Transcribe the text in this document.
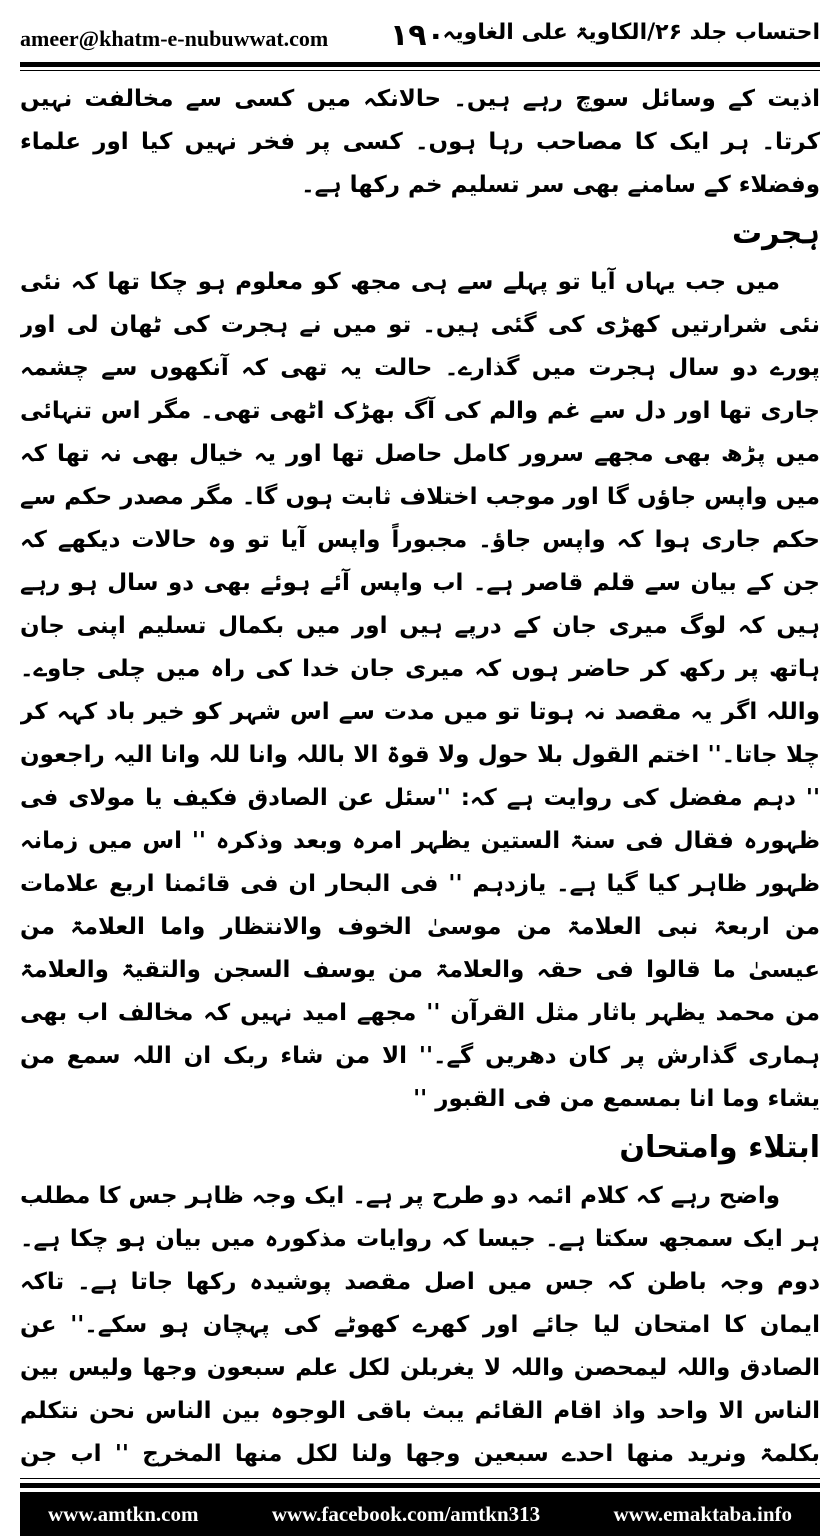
ameer@khatm-e-nubuwwat.com ۱۹۰
احتساب جلد ۲۶/الکاویۃ علی الغاویہ

اذیت کے وسائل سوچ رہے ہیں۔ حالانکہ میں کسی سے مخالفت نہیں کرتا۔ ہر ایک کا مصاحب رہا ہوں۔ کسی پر فخر نہیں کیا اور علماء وفضلاء کے سامنے بھی سر تسلیم خم رکھا ہے۔

ہجرت

میں جب یہاں آیا تو پہلے سے ہی مجھ کو معلوم ہو چکا تھا کہ نئی نئی شرارتیں کھڑی کی گئی ہیں۔ تو میں نے ہجرت کی ٹھان لی اور پورے دو سال ہجرت میں گذارے۔ حالت یہ تھی کہ آنکھوں سے چشمہ جاری تھا اور دل سے غم والم کی آگ بھڑک اٹھی تھی۔ مگر اس تنہائی میں پڑھ بھی مجھے سرور کامل حاصل تھا اور یہ خیال بھی نہ تھا کہ میں واپس جاؤں گا اور موجب اختلاف ثابت ہوں گا۔ مگر مصدر حکم سے حکم جاری ہوا کہ واپس جاؤ۔ مجبوراً واپس آیا تو وہ حالات دیکھے کہ جن کے بیان سے قلم قاصر ہے۔ اب واپس آئے ہوئے بھی دو سال ہو رہے ہیں کہ لوگ میری جان کے درپے ہیں اور میں بکمال تسلیم اپنی جان ہاتھ پر رکھ کر حاضر ہوں کہ میری جان خدا کی راہ میں چلی جاوے۔ واللہ اگر یہ مقصد نہ ہوتا تو میں مدت سے اس شہر کو خیر باد کہہ کر چلا جاتا۔'' اختم القول بلا حول ولا قوۃ الا باللہ وانا للہ وانا الیہ راجعون '' دہم مفضل کی روایت ہے کہ: ''سئل عن الصادق فکیف یا مولای فی ظہورہ فقال فی سنۃ الستین یظہر امرہ وبعد وذکرہ '' اس میں زمانہ ظہور ظاہر کیا گیا ہے۔ یازدہم '' فی البحار ان فی قائمنا اربع علامات من اربعۃ نبی العلامۃ من موسیٰ الخوف والانتظار واما العلامۃ من عیسیٰ ما قالوا فی حقہ والعلامۃ من یوسف السجن والتقیۃ والعلامۃ من محمد یظہر باثار مثل القرآن '' مجھے امید نہیں کہ مخالف اب بھی ہماری گذارش پر کان دھریں گے۔'' الا من شاء ربک ان اللہ سمع من یشاء وما انا بمسمع من فی القبور ''

ابتلاء وامتحان

واضح رہے کہ کلام ائمہ دو طرح پر ہے۔ ایک وجہ ظاہر جس کا مطلب ہر ایک سمجھ سکتا ہے۔ جیسا کہ روایات مذکورہ میں بیان ہو چکا ہے۔ دوم وجہ باطن کہ جس میں اصل مقصد پوشیدہ رکھا جاتا ہے۔ تاکہ ایمان کا امتحان لیا جائے اور کھرے کھوٹے کی پہچان ہو سکے۔'' عن الصادق واللہ لیمحصن واللہ لا یغربلن لکل علم سبعون وجھا ولیس بین الناس الا واحد واذ اقام القائم یبث باقی الوجوہ بین الناس نحن نتکلم بکلمۃ ونرید منھا احدے سبعین وجھا ولنا لکل منھا المخرج '' اب جن

www.amtkn.com	www.facebook.com/amtkn313	www.emaktaba.info
